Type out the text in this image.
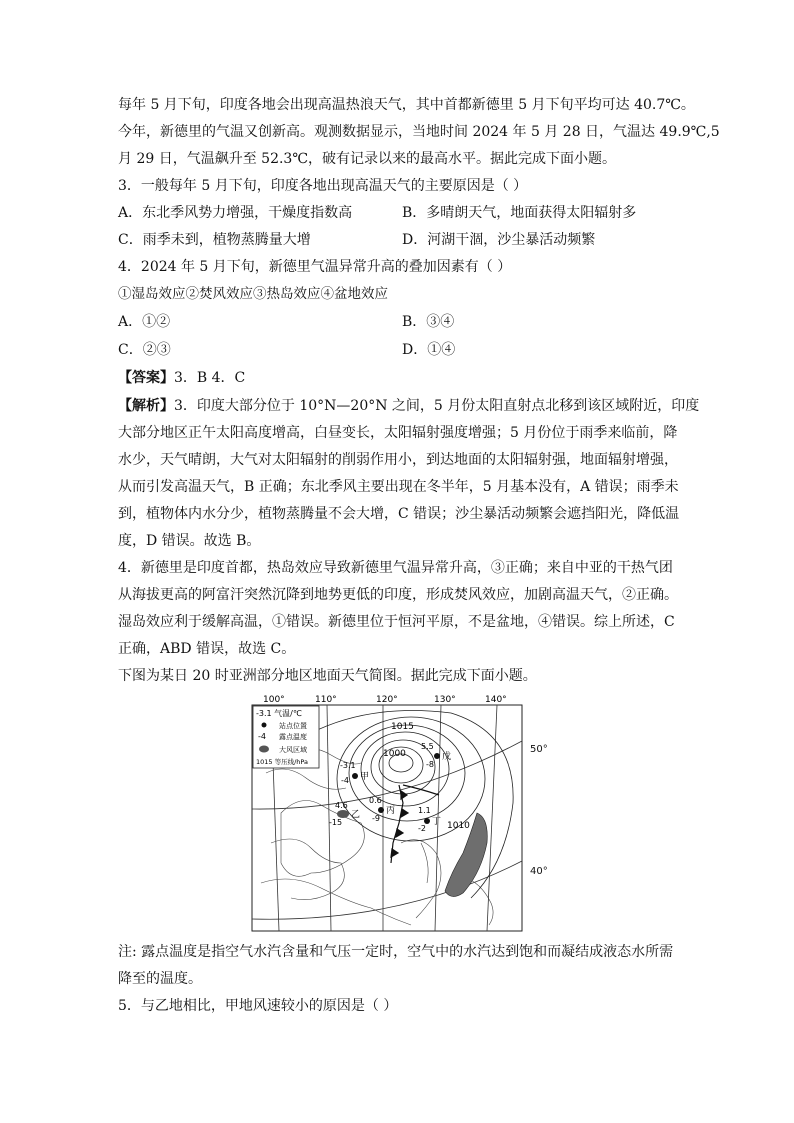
每年 5 月下旬，印度各地会出现高温热浪天气，其中首都新德里 5 月下旬平均可达 40.7℃。
今年，新德里的气温又创新高。观测数据显示，当地时间 2024 年 5 月 28 日，气温达 49.9℃,5
月 29 日，气温飙升至 52.3℃，破有记录以来的最高水平。据此完成下面小题。
3．一般每年 5 月下旬，印度各地出现高温天气的主要原因是（ ）
A．东北季风势力增强，干燥度指数高	B．多晴朗天气，地面获得太阳辐射多
C．雨季未到，植物蒸腾量大增	D．河湖干涸，沙尘暴活动频繁
4．2024 年 5 月下旬，新德里气温异常升高的叠加因素有（ ）
①湿岛效应②焚风效应③热岛效应④盆地效应
A．①②	B．③④
C．②③	D．①④
【答案】3．B 4．C
【解析】3．印度大部分位于 10°N—20°N 之间，5 月份太阳直射点北移到该区域附近，印度
大部分地区正午太阳高度增高，白昼变长，太阳辐射强度增强；5 月份位于雨季来临前，降
水少，天气晴朗，大气对太阳辐射的削弱作用小，到达地面的太阳辐射强，地面辐射增强，
从而引发高温天气，B 正确；东北季风主要出现在冬半年，5 月基本没有，A 错误；雨季未
到，植物体内水分少，植物蒸腾量不会大增，C 错误；沙尘暴活动频繁会遮挡阳光，降低温
度，D 错误。故选 B。
4．新德里是印度首都，热岛效应导致新德里气温异常升高，③正确；来自中亚的干热气团
从海拔更高的阿富汗突然沉降到地势更低的印度，形成焚风效应，加剧高温天气，②正确。
湿岛效应利于缓解高温，①错误。新德里位于恒河平原，不是盆地，④错误。综上所述，C
正确，ABD 错误，故选 C。
下图为某日 20 时亚洲部分地区地面天气简图。据此完成下面小题。
100°	110°	120°	130°	140°
1015
1000
1010
-3.1 气温/℃
站点位置
-4 露点温度
大风区域
1015 等压线/hPa	-3.1
-4 甲
4.6
-15
乙
0.6
-9
丙	1.1
-2
丁
5.5
-8
戊
50°
40°
注: 露点温度是指空气水汽含量和气压一定时，空气中的水汽达到饱和而凝结成液态水所需
降至的温度。
5．与乙地相比，甲地风速较小的原因是（ ）
